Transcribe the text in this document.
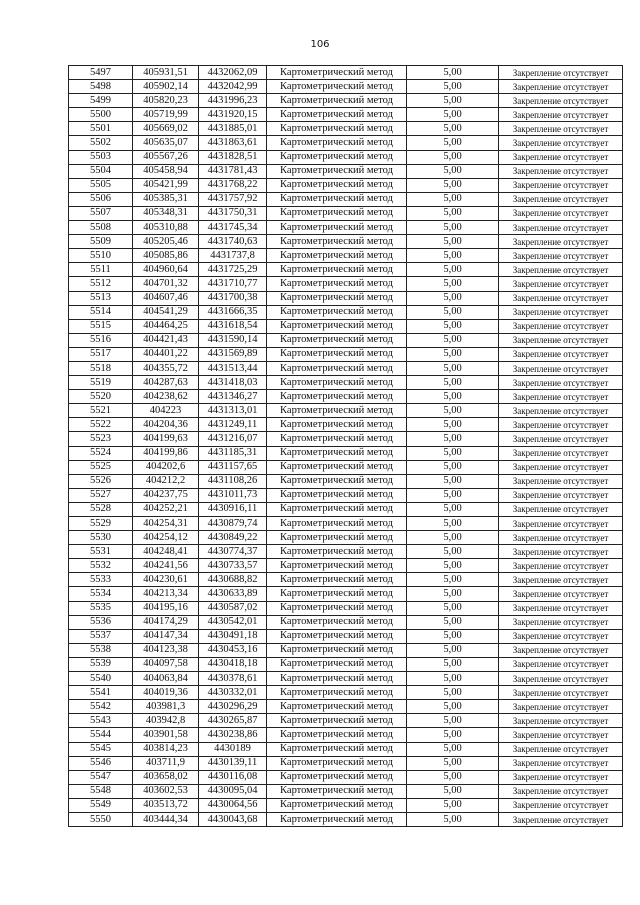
106
5497	405931,51	4432062,09	Картометрический метод	5,00	Закрепление отсутствует
5498	405902,14	4432042,99	Картометрический метод	5,00	Закрепление отсутствует
5499	405820,23	4431996,23	Картометрический метод	5,00	Закрепление отсутствует
5500	405719,99	4431920,15	Картометрический метод	5,00	Закрепление отсутствует
5501	405669,02	4431885,01	Картометрический метод	5,00	Закрепление отсутствует
5502	405635,07	4431863,61	Картометрический метод	5,00	Закрепление отсутствует
5503	405567,26	4431828,51	Картометрический метод	5,00	Закрепление отсутствует
5504	405458,94	4431781,43	Картометрический метод	5,00	Закрепление отсутствует
5505	405421,99	4431768,22	Картометрический метод	5,00	Закрепление отсутствует
5506	405385,31	4431757,92	Картометрический метод	5,00	Закрепление отсутствует
5507	405348,31	4431750,31	Картометрический метод	5,00	Закрепление отсутствует
5508	405310,88	4431745,34	Картометрический метод	5,00	Закрепление отсутствует
5509	405205,46	4431740,63	Картометрический метод	5,00	Закрепление отсутствует
5510	405085,86	4431737,8	Картометрический метод	5,00	Закрепление отсутствует
5511	404960,64	4431725,29	Картометрический метод	5,00	Закрепление отсутствует
5512	404701,32	4431710,77	Картометрический метод	5,00	Закрепление отсутствует
5513	404607,46	4431700,38	Картометрический метод	5,00	Закрепление отсутствует
5514	404541,29	4431666,35	Картометрический метод	5,00	Закрепление отсутствует
5515	404464,25	4431618,54	Картометрический метод	5,00	Закрепление отсутствует
5516	404421,43	4431590,14	Картометрический метод	5,00	Закрепление отсутствует
5517	404401,22	4431569,89	Картометрический метод	5,00	Закрепление отсутствует
5518	404355,72	4431513,44	Картометрический метод	5,00	Закрепление отсутствует
5519	404287,63	4431418,03	Картометрический метод	5,00	Закрепление отсутствует
5520	404238,62	4431346,27	Картометрический метод	5,00	Закрепление отсутствует
5521	404223	4431313,01	Картометрический метод	5,00	Закрепление отсутствует
5522	404204,36	4431249,11	Картометрический метод	5,00	Закрепление отсутствует
5523	404199,63	4431216,07	Картометрический метод	5,00	Закрепление отсутствует
5524	404199,86	4431185,31	Картометрический метод	5,00	Закрепление отсутствует
5525	404202,6	4431157,65	Картометрический метод	5,00	Закрепление отсутствует
5526	404212,2	4431108,26	Картометрический метод	5,00	Закрепление отсутствует
5527	404237,75	4431011,73	Картометрический метод	5,00	Закрепление отсутствует
5528	404252,21	4430916,11	Картометрический метод	5,00	Закрепление отсутствует
5529	404254,31	4430879,74	Картометрический метод	5,00	Закрепление отсутствует
5530	404254,12	4430849,22	Картометрический метод	5,00	Закрепление отсутствует
5531	404248,41	4430774,37	Картометрический метод	5,00	Закрепление отсутствует
5532	404241,56	4430733,57	Картометрический метод	5,00	Закрепление отсутствует
5533	404230,61	4430688,82	Картометрический метод	5,00	Закрепление отсутствует
5534	404213,34	4430633,89	Картометрический метод	5,00	Закрепление отсутствует
5535	404195,16	4430587,02	Картометрический метод	5,00	Закрепление отсутствует
5536	404174,29	4430542,01	Картометрический метод	5,00	Закрепление отсутствует
5537	404147,34	4430491,18	Картометрический метод	5,00	Закрепление отсутствует
5538	404123,38	4430453,16	Картометрический метод	5,00	Закрепление отсутствует
5539	404097,58	4430418,18	Картометрический метод	5,00	Закрепление отсутствует
5540	404063,84	4430378,61	Картометрический метод	5,00	Закрепление отсутствует
5541	404019,36	4430332,01	Картометрический метод	5,00	Закрепление отсутствует
5542	403981,3	4430296,29	Картометрический метод	5,00	Закрепление отсутствует
5543	403942,8	4430265,87	Картометрический метод	5,00	Закрепление отсутствует
5544	403901,58	4430238,86	Картометрический метод	5,00	Закрепление отсутствует
5545	403814,23	4430189	Картометрический метод	5,00	Закрепление отсутствует
5546	403711,9	4430139,11	Картометрический метод	5,00	Закрепление отсутствует
5547	403658,02	4430116,08	Картометрический метод	5,00	Закрепление отсутствует
5548	403602,53	4430095,04	Картометрический метод	5,00	Закрепление отсутствует
5549	403513,72	4430064,56	Картометрический метод	5,00	Закрепление отсутствует
5550	403444,34	4430043,68	Картометрический метод	5,00	Закрепление отсутствует
